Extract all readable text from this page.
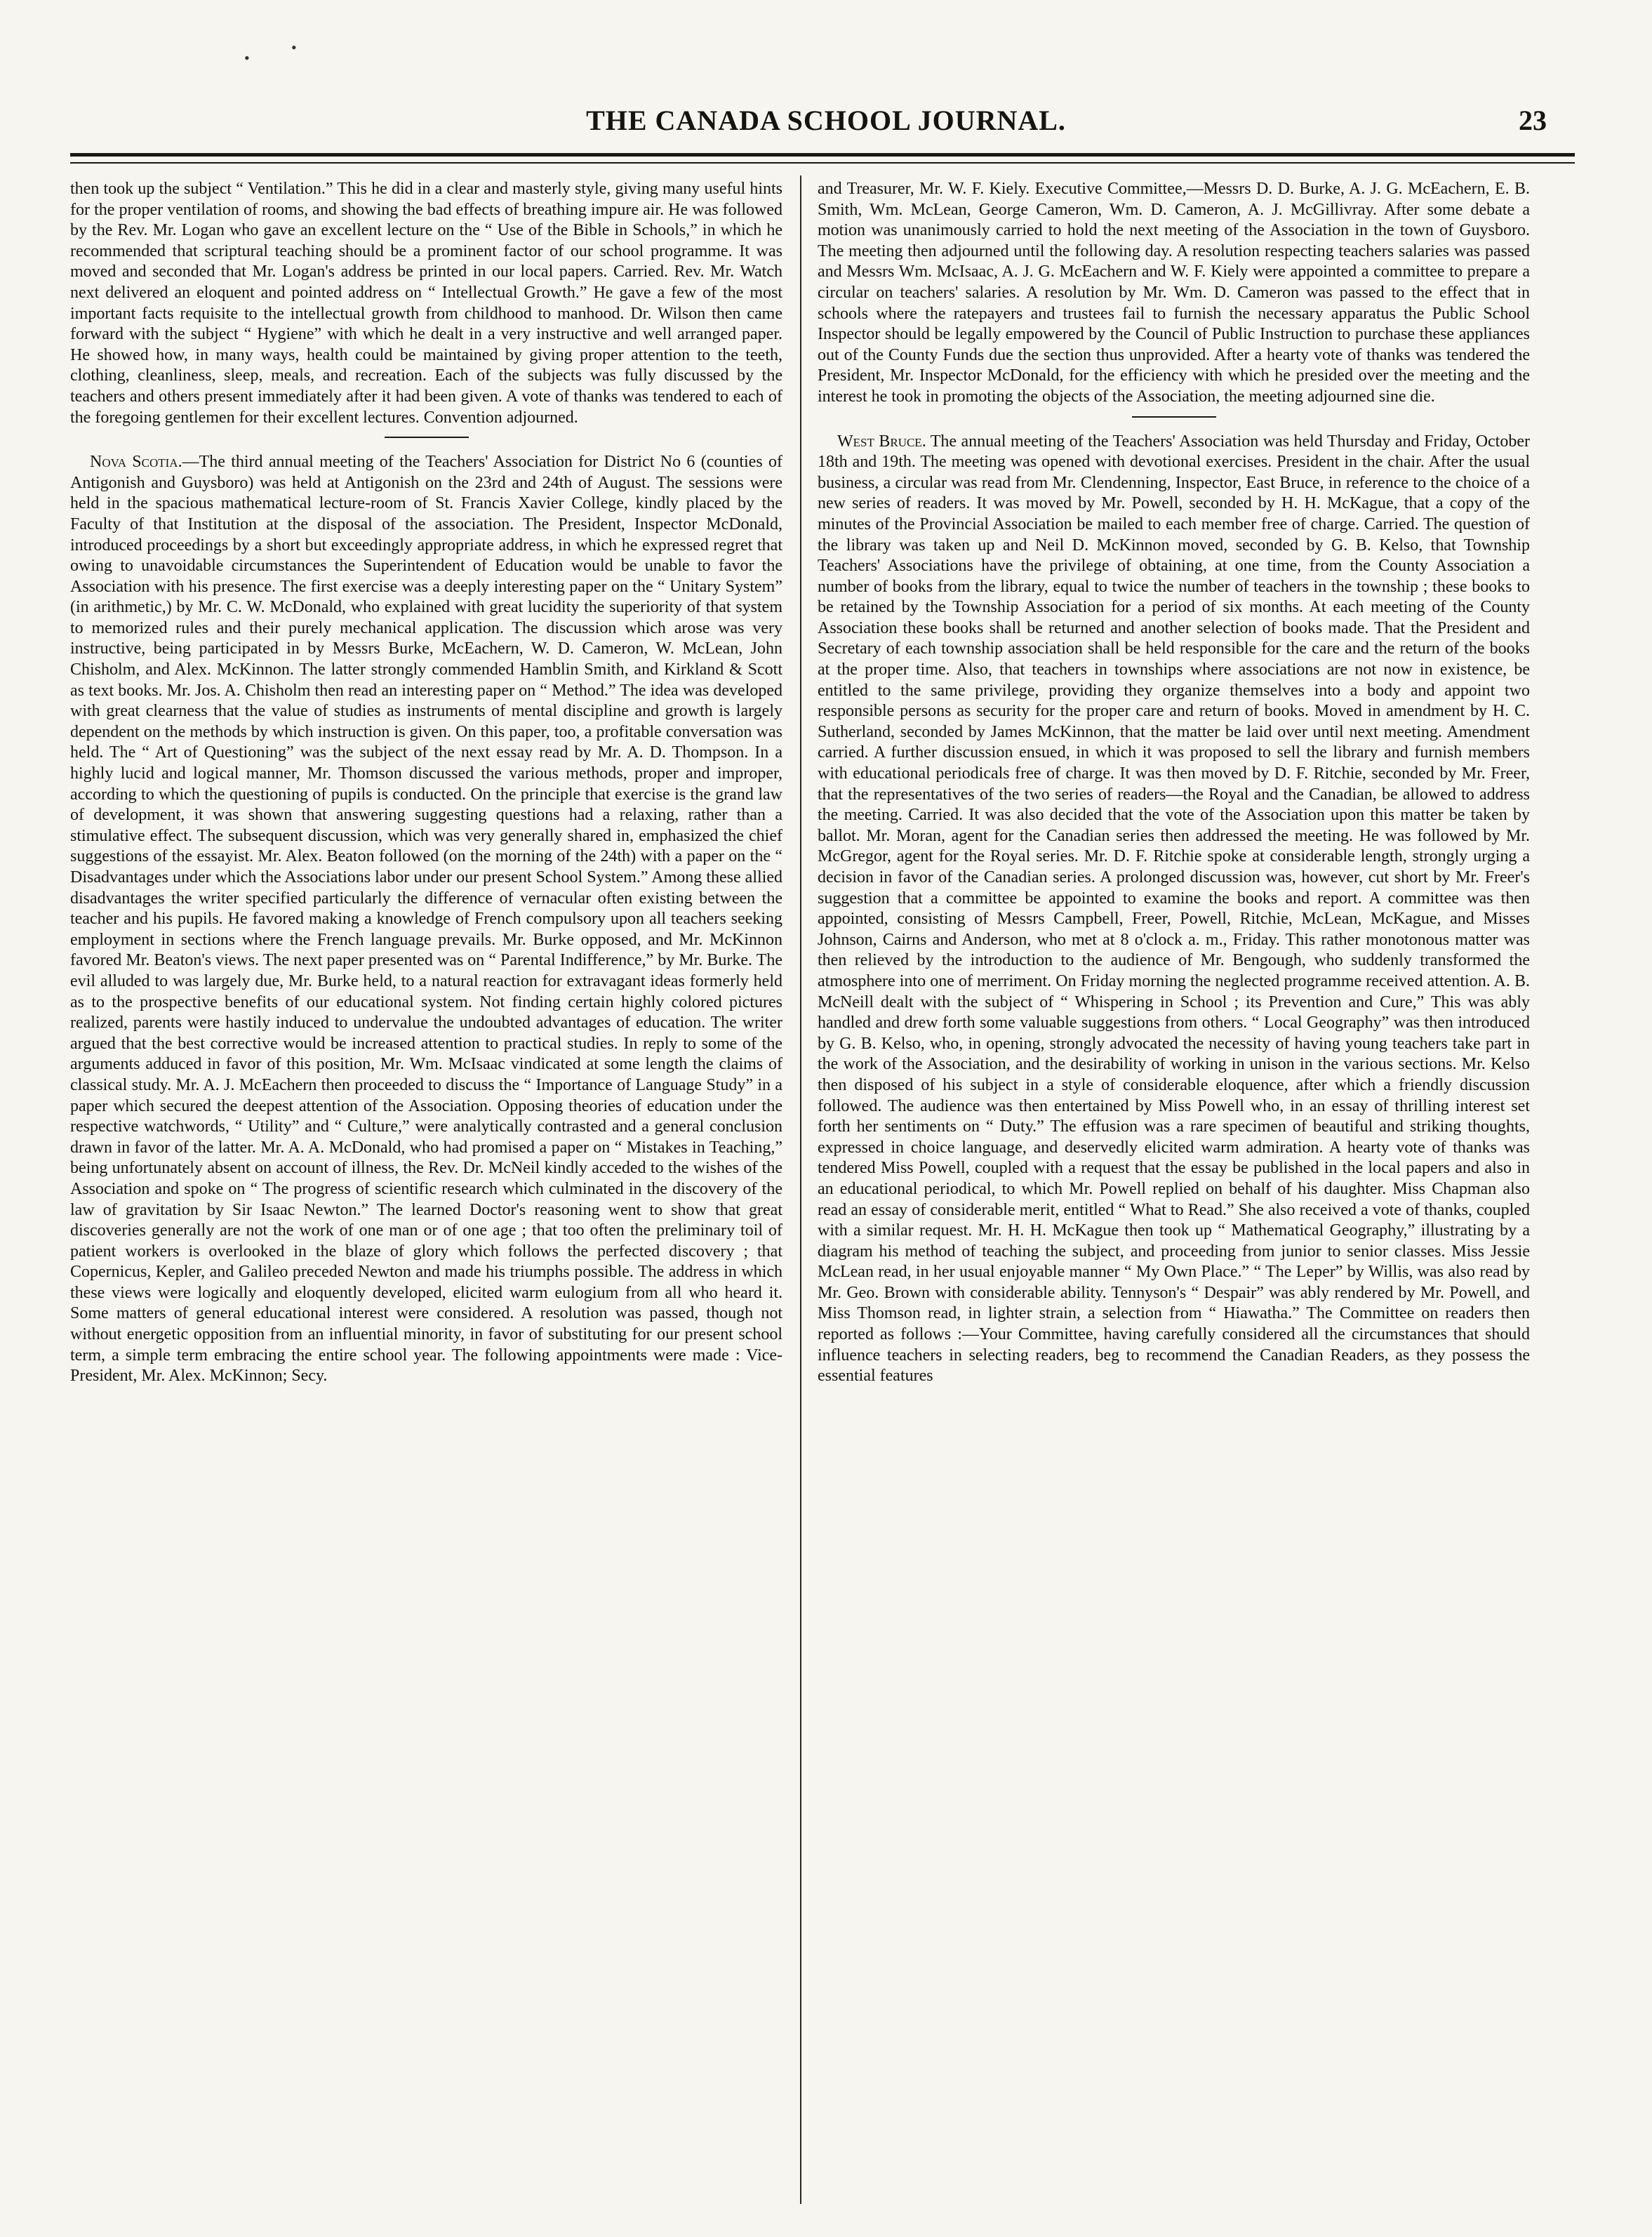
•
•
THE CANADA SCHOOL JOURNAL.	23

then took up the subject “ Ventilation.” This he did in a clear and masterly style, giving many useful hints for the proper ventilation of rooms, and showing the bad effects of breathing impure air. He was followed by the Rev. Mr. Logan who gave an excellent lecture on the “ Use of the Bible in Schools,” in which he recommended that scriptural teaching should be a prominent factor of our school programme. It was moved and seconded that Mr. Logan's address be printed in our local papers. Carried. Rev. Mr. Watch next delivered an eloquent and pointed address on “ Intellectual Growth.” He gave a few of the most important facts requisite to the intellectual growth from childhood to manhood. Dr. Wilson then came forward with the subject “ Hygiene” with which he dealt in a very instructive and well arranged paper. He showed how, in many ways, health could be maintained by giving proper attention to the teeth, clothing, cleanliness, sleep, meals, and recreation. Each of the subjects was fully discussed by the teachers and others present immediately after it had been given. A vote of thanks was tendered to each of the foregoing gentlemen for their excellent lectures. Convention adjourned.

Nova Scotia.—The third annual meeting of the Teachers' Association for District No 6 (counties of Antigonish and Guysboro) was held at Antigonish on the 23rd and 24th of August. The sessions were held in the spacious mathematical lecture-room of St. Francis Xavier College, kindly placed by the Faculty of that Institution at the disposal of the association. The President, Inspector McDonald, introduced proceedings by a short but exceedingly appropriate address, in which he expressed regret that owing to unavoidable circumstances the Superintendent of Education would be unable to favor the Association with his presence. The first exercise was a deeply interesting paper on the “ Unitary System” (in arithmetic,) by Mr. C. W. McDonald, who explained with great lucidity the superiority of that system to memorized rules and their purely mechanical application. The discussion which arose was very instructive, being participated in by Messrs Burke, McEachern, W. D. Cameron, W. McLean, John Chisholm, and Alex. McKinnon. The latter strongly commended Hamblin Smith, and Kirkland & Scott as text books. Mr. Jos. A. Chisholm then read an interesting paper on “ Method.” The idea was developed with great clearness that the value of studies as instruments of mental discipline and growth is largely dependent on the methods by which instruction is given. On this paper, too, a profitable conversation was held. The “ Art of Questioning” was the subject of the next essay read by Mr. A. D. Thompson. In a highly lucid and logical manner, Mr. Thomson discussed the various methods, proper and improper, according to which the questioning of pupils is conducted. On the principle that exercise is the grand law of development, it was shown that answering suggesting questions had a relaxing, rather than a stimulative effect. The subsequent discussion, which was very generally shared in, emphasized the chief suggestions of the essayist. Mr. Alex. Beaton followed (on the morning of the 24th) with a paper on the “ Disadvantages under which the Associations labor under our present School System.” Among these allied disadvantages the writer specified particularly the difference of vernacular often existing between the teacher and his pupils. He favored making a knowledge of French compulsory upon all teachers seeking employment in sections where the French language prevails. Mr. Burke opposed, and Mr. McKinnon favored Mr. Beaton's views. The next paper presented was on “ Parental Indifference,” by Mr. Burke. The evil alluded to was largely due, Mr. Burke held, to a natural reaction for extravagant ideas formerly held as to the prospective benefits of our educational system. Not finding certain highly colored pictures realized, parents were hastily induced to undervalue the undoubted advantages of education. The writer argued that the best corrective would be increased attention to practical studies. In reply to some of the arguments adduced in favor of this position, Mr. Wm. McIsaac vindicated at some length the claims of classical study. Mr. A. J. McEachern then proceeded to discuss the “ Importance of Language Study” in a paper which secured the deepest attention of the Association. Opposing theories of education under the respective watchwords, “ Utility” and “ Culture,” were analytically contrasted and a general conclusion drawn in favor of the latter. Mr. A. A. McDonald, who had promised a paper on “ Mistakes in Teaching,” being unfortunately absent on account of illness, the Rev. Dr. McNeil kindly acceded to the wishes of the Association and spoke on “ The progress of scientific research which culminated in the discovery of the law of gravitation by Sir Isaac Newton.” The learned Doctor's reasoning went to show that great discoveries generally are not the work of one man or of one age ; that too often the preliminary toil of patient workers is overlooked in the blaze of glory which follows the perfected discovery ; that Copernicus, Kepler, and Galileo preceded Newton and made his triumphs possible. The address in which these views were logically and eloquently developed, elicited warm eulogium from all who heard it. Some matters of general educational interest were considered. A resolution was passed, though not without energetic opposition from an influential minority, in favor of substituting for our present school term, a simple term embracing the entire school year. The following appointments were made : Vice-President, Mr. Alex. McKinnon; Secy.

and Treasurer, Mr. W. F. Kiely. Executive Committee,—Messrs D. D. Burke, A. J. G. McEachern, E. B. Smith, Wm. McLean, George Cameron, Wm. D. Cameron, A. J. McGillivray. After some debate a motion was unanimously carried to hold the next meeting of the Association in the town of Guysboro. The meeting then adjourned until the following day. A resolution respecting teachers salaries was passed and Messrs Wm. McIsaac, A. J. G. McEachern and W. F. Kiely were appointed a committee to prepare a circular on teachers' salaries. A resolution by Mr. Wm. D. Cameron was passed to the effect that in schools where the ratepayers and trustees fail to furnish the necessary apparatus the Public School Inspector should be legally empowered by the Council of Public Instruction to purchase these appliances out of the County Funds due the section thus unprovided. After a hearty vote of thanks was tendered the President, Mr. Inspector McDonald, for the efficiency with which he presided over the meeting and the interest he took in promoting the objects of the Association, the meeting adjourned sine die.

West Bruce. The annual meeting of the Teachers' Association was held Thursday and Friday, October 18th and 19th. The meeting was opened with devotional exercises. President in the chair. After the usual business, a circular was read from Mr. Clendenning, Inspector, East Bruce, in reference to the choice of a new series of readers. It was moved by Mr. Powell, seconded by H. H. McKague, that a copy of the minutes of the Provincial Association be mailed to each member free of charge. Carried. The question of the library was taken up and Neil D. McKinnon moved, seconded by G. B. Kelso, that Township Teachers' Associations have the privilege of obtaining, at one time, from the County Association a number of books from the library, equal to twice the number of teachers in the township ; these books to be retained by the Township Association for a period of six months. At each meeting of the County Association these books shall be returned and another selection of books made. That the President and Secretary of each township association shall be held responsible for the care and the return of the books at the proper time. Also, that teachers in townships where associations are not now in existence, be entitled to the same privilege, providing they organize themselves into a body and appoint two responsible persons as security for the proper care and return of books. Moved in amendment by H. C. Sutherland, seconded by James McKinnon, that the matter be laid over until next meeting. Amendment carried. A further discussion ensued, in which it was proposed to sell the library and furnish members with educational periodicals free of charge. It was then moved by D. F. Ritchie, seconded by Mr. Freer, that the representatives of the two series of readers—the Royal and the Canadian, be allowed to address the meeting. Carried. It was also decided that the vote of the Association upon this matter be taken by ballot. Mr. Moran, agent for the Canadian series then addressed the meeting. He was followed by Mr. McGregor, agent for the Royal series. Mr. D. F. Ritchie spoke at considerable length, strongly urging a decision in favor of the Canadian series. A prolonged discussion was, however, cut short by Mr. Freer's suggestion that a committee be appointed to examine the books and report. A committee was then appointed, consisting of Messrs Campbell, Freer, Powell, Ritchie, McLean, McKague, and Misses Johnson, Cairns and Anderson, who met at 8 o'clock a. m., Friday. This rather monotonous matter was then relieved by the introduction to the audience of Mr. Bengough, who suddenly transformed the atmosphere into one of merriment. On Friday morning the neglected programme received attention. A. B. McNeill dealt with the subject of “ Whispering in School ; its Prevention and Cure,” This was ably handled and drew forth some valuable suggestions from others. “ Local Geography” was then introduced by G. B. Kelso, who, in opening, strongly advocated the necessity of having young teachers take part in the work of the Association, and the desirability of working in unison in the various sections. Mr. Kelso then disposed of his subject in a style of considerable eloquence, after which a friendly discussion followed. The audience was then entertained by Miss Powell who, in an essay of thrilling interest set forth her sentiments on “ Duty.” The effusion was a rare specimen of beautiful and striking thoughts, expressed in choice language, and deservedly elicited warm admiration. A hearty vote of thanks was tendered Miss Powell, coupled with a request that the essay be published in the local papers and also in an educational periodical, to which Mr. Powell replied on behalf of his daughter. Miss Chapman also read an essay of considerable merit, entitled “ What to Read.” She also received a vote of thanks, coupled with a similar request. Mr. H. H. McKague then took up “ Mathematical Geography,” illustrating by a diagram his method of teaching the subject, and proceeding from junior to senior classes. Miss Jessie McLean read, in her usual enjoyable manner “ My Own Place.” “ The Leper” by Willis, was also read by Mr. Geo. Brown with considerable ability. Tennyson's “ Despair” was ably rendered by Mr. Powell, and Miss Thomson read, in lighter strain, a selection from “ Hiawatha.” The Committee on readers then reported as follows :—Your Committee, having carefully considered all the circumstances that should influence teachers in selecting readers, beg to recommend the Canadian Readers, as they possess the essential features
